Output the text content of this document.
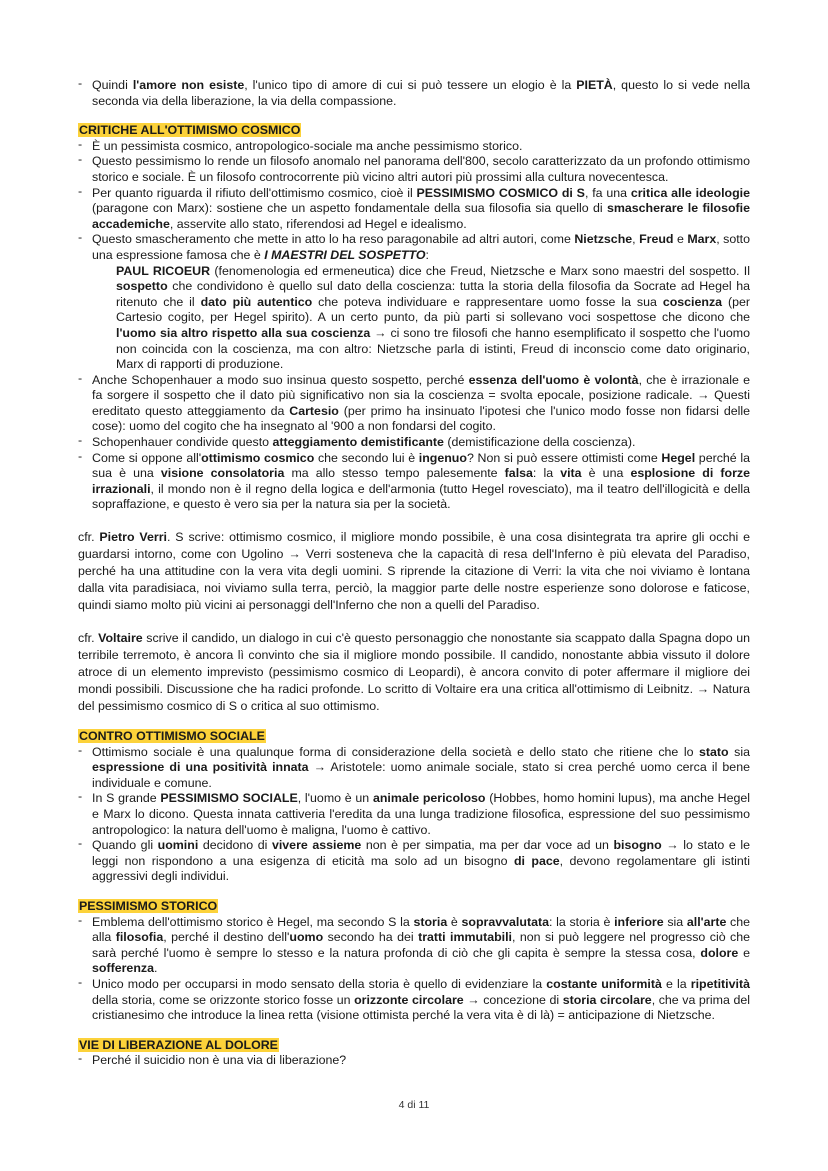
- Quindi l'amore non esiste, l'unico tipo di amore di cui si può tessere un elogio è la PIETÀ, questo lo si vede nella seconda via della liberazione, la via della compassione.
CRITICHE ALL'OTTIMISMO COSMICO
- È un pessimista cosmico, antropologico-sociale ma anche pessimismo storico.
- Questo pessimismo lo rende un filosofo anomalo nel panorama dell'800, secolo caratterizzato da un profondo ottimismo storico e sociale. È un filosofo controcorrente più vicino altri autori più prossimi alla cultura novecentesca.
- Per quanto riguarda il rifiuto dell'ottimismo cosmico, cioè il PESSIMISMO COSMICO di S, fa una critica alle ideologie (paragone con Marx): sostiene che un aspetto fondamentale della sua filosofia sia quello di smascherare le filosofie accademiche, asservite allo stato, riferendosi ad Hegel e idealismo.
- Questo smascheramento che mette in atto lo ha reso paragonabile ad altri autori, come Nietzsche, Freud e Marx, sotto una espressione famosa che è I MAESTRI DEL SOSPETTO:

PAUL RICOEUR (fenomenologia ed ermeneutica) dice che Freud, Nietzsche e Marx sono maestri del sospetto. Il sospetto che condividono è quello sul dato della coscienza: tutta la storia della filosofia da Socrate ad Hegel ha ritenuto che il dato più autentico che poteva individuare e rappresentare uomo fosse la sua coscienza (per Cartesio cogito, per Hegel spirito). A un certo punto, da più parti si sollevano voci sospettose che dicono che l'uomo sia altro rispetto alla sua coscienza → ci sono tre filosofi che hanno esemplificato il sospetto che l'uomo non coincida con la coscienza, ma con altro: Nietzsche parla di istinti, Freud di inconscio come dato originario, Marx di rapporti di produzione.

- Anche Schopenhauer a modo suo insinua questo sospetto, perché essenza dell'uomo è volontà, che è irrazionale e fa sorgere il sospetto che il dato più significativo non sia la coscienza = svolta epocale, posizione radicale. → Questi ereditato questo atteggiamento da Cartesio (per primo ha insinuato l'ipotesi che l'unico modo fosse non fidarsi delle cose): uomo del cogito che ha insegnato al '900 a non fondarsi del cogito.
- Schopenhauer condivide questo atteggiamento demistificante (demistificazione della coscienza).
- Come si oppone all'ottimismo cosmico che secondo lui è ingenuo? Non si può essere ottimisti come Hegel perché la sua è una visione consolatoria ma allo stesso tempo palesemente falsa: la vita è una esplosione di forze irrazionali, il mondo non è il regno della logica e dell'armonia (tutto Hegel rovesciato), ma il teatro dell'illogicità e della sopraffazione, e questo è vero sia per la natura sia per la società.

cfr. Pietro Verri. S scrive: ottimismo cosmico, il migliore mondo possibile, è una cosa disintegrata tra aprire gli occhi e guardarsi intorno, come con Ugolino → Verri sosteneva che la capacità di resa dell'Inferno è più elevata del Paradiso, perché ha una attitudine con la vera vita degli uomini. S riprende la citazione di Verri: la vita che noi viviamo è lontana dalla vita paradisiaca, noi viviamo sulla terra, perciò, la maggior parte delle nostre esperienze sono dolorose e faticose, quindi siamo molto più vicini ai personaggi dell'Inferno che non a quelli del Paradiso.

cfr. Voltaire scrive il candido, un dialogo in cui c'è questo personaggio che nonostante sia scappato dalla Spagna dopo un terribile terremoto, è ancora lì convinto che sia il migliore mondo possibile. Il candido, nonostante abbia vissuto il dolore atroce di un elemento imprevisto (pessimismo cosmico di Leopardi), è ancora convito di poter affermare il migliore dei mondi possibili. Discussione che ha radici profonde. Lo scritto di Voltaire era una critica all'ottimismo di Leibnitz. → Natura del pessimismo cosmico di S o critica al suo ottimismo.

CONTRO OTTIMISMO SOCIALE
- Ottimismo sociale è una qualunque forma di considerazione della società e dello stato che ritiene che lo stato sia espressione di una positività innata → Aristotele: uomo animale sociale, stato si crea perché uomo cerca il bene individuale e comune.
- In S grande PESSIMISMO SOCIALE, l'uomo è un animale pericoloso (Hobbes, homo homini lupus), ma anche Hegel e Marx lo dicono. Questa innata cattiveria l'eredita da una lunga tradizione filosofica, espressione del suo pessimismo antropologico: la natura dell'uomo è maligna, l'uomo è cattivo.
- Quando gli uomini decidono di vivere assieme non è per simpatia, ma per dar voce ad un bisogno → lo stato e le leggi non rispondono a una esigenza di eticità ma solo ad un bisogno di pace, devono regolamentare gli istinti aggressivi degli individui.
PESSIMISMO STORICO
- Emblema dell'ottimismo storico è Hegel, ma secondo S la storia è sopravvalutata: la storia è inferiore sia all'arte che alla filosofia, perché il destino dell'uomo secondo ha dei tratti immutabili, non si può leggere nel progresso ciò che sarà perché l'uomo è sempre lo stesso e la natura profonda di ciò che gli capita è sempre la stessa cosa, dolore e sofferenza.
- Unico modo per occuparsi in modo sensato della storia è quello di evidenziare la costante uniformità e la ripetitività della storia, come se orizzonte storico fosse un orizzonte circolare → concezione di storia circolare, che va prima del cristianesimo che introduce la linea retta (visione ottimista perché la vera vita è di là) = anticipazione di Nietzsche.
VIE DI LIBERAZIONE AL DOLORE
- Perché il suicidio non è una via di liberazione?
4 di 11
